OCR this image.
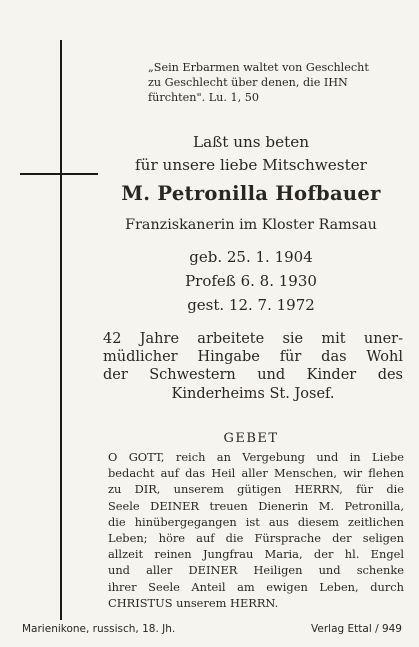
„Sein Erbarmen waltet von Geschlecht
zu Geschlecht über denen, die IHN
fürchten". Lu. 1, 50
Laßt uns beten
für unsere liebe Mitschwester
M. Petronilla Hofbauer
Franziskanerin im Kloster Ramsau
geb. 25. 1. 1904
Profeß 6. 8. 1930
gest. 12. 7. 1972
42 Jahre arbeitete sie mit uner-
müdlicher Hingabe für das Wohl
der Schwestern und Kinder des
Kinderheims St. Josef.
GEBET
O GOTT, reich an Vergebung und in Liebe
bedacht auf das Heil aller Menschen, wir flehen
zu DIR, unserem gütigen HERRN, für die
Seele DEINER treuen Dienerin M. Petronilla,
die hinübergegangen ist aus diesem zeitlichen
Leben; höre auf die Fürsprache der seligen
allzeit reinen Jungfrau Maria, der hl. Engel
und aller DEINER Heiligen und schenke
ihrer Seele Anteil am ewigen Leben, durch
CHRISTUS unserem HERRN.
Marienikone, russisch, 18. Jh.	Verlag Ettal / 949
